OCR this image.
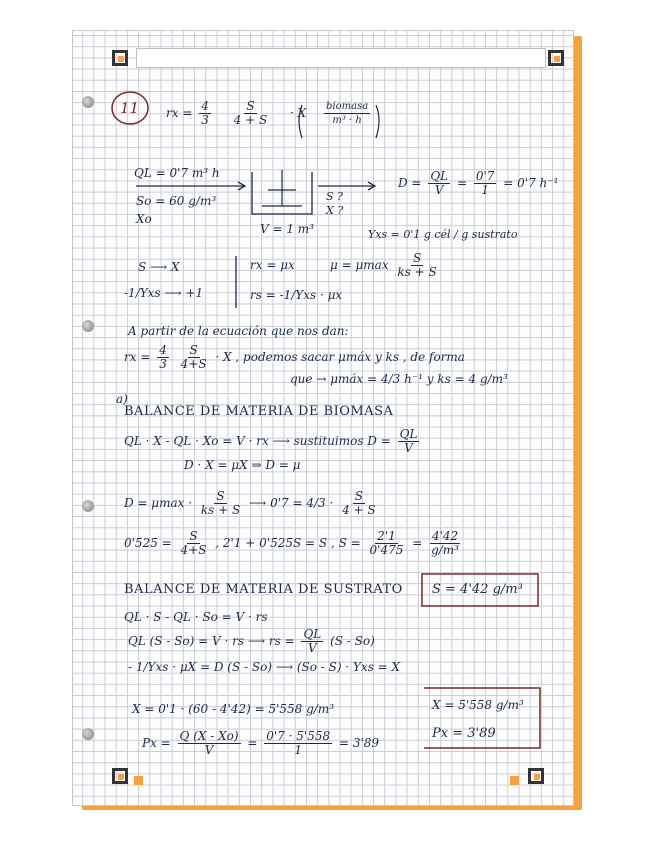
11 rx = $\frac{4}{3}$
$\frac{S}{4 + S} \cdot X \frac{\text{biomasa}}{\text{m³ · h}}$
QL = 0'7 m³ h
So = 60 g/m³
Xo
V = 1 m³
S ?
X ?
$D = \frac{QL}{V} = \frac{0'7}{1} = 0'7$ h⁻¹
Yxs = 0'1 g cél / g sustrato
S ⟶ X
-1/Yxs ⟶ +1
rx = μx	μ = μmax $\frac{S}{ks + S}$
rs = -1/Yxs · μx
A partir de la ecuación que nos dan:
rx = $\frac{4}{3}$
$\frac{S}{4+S} \cdot X$ , podemos sacar μmáx y ks , de forma
que → μmáx = 4/3 h⁻¹ y ks = 4 g/m³
a)
BALANCE DE MATERIA DE BIOMASA
QL · X - QL · Xo = V · rx ⟶ sustituimos $D = \frac{QL}{V}$
D · X = μX ⇒ D = μ
$D = \mu\max \cdot \frac{S}{ks + S}$ ⟶ $0'7 = 4/3 \cdot \frac{S}{4 + S}$
$0'525 = \frac{S}{4+S}$ , 2'1 + 0'525S = S , $S = \frac{2'1}{0'475} = \frac{4'42}{\text{g/m³}}$
S = 4'42 g/m³
BALANCE DE MATERIA DE SUSTRATO
QL · S - QL · So = V · rs
QL (S - So) = V · rs ⟶ rs = $\frac{QL}{V} (S - So)$
- 1/Yxs · μX = D (S - So) ⟶ (So - S) · Yxs = X
X = 0'1 · (60 - 4'42) = 5'558 g/m³
$Px = \frac{Q (X - Xo)}{V} = \frac{0'7 \cdot 5'558}{1} = 3'89$
X = 5'558 g/m³
Px = 3'89
